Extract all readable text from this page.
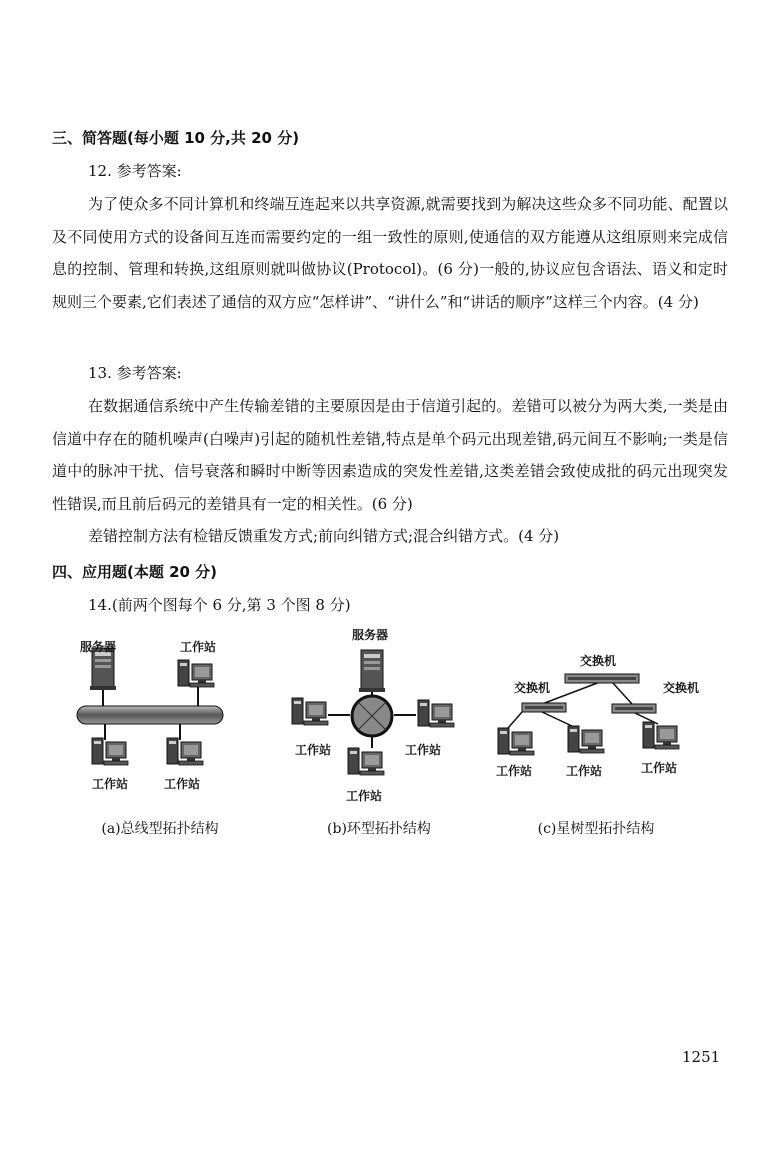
三、简答题(每小题 10 分,共 20 分)
12. 参考答案:
为了使众多不同计算机和终端互连起来以共享资源,就需要找到为解决这些众多不同功能、配置以及不同使用方式的设备间互连而需要约定的一组一致性的原则,使通信的双方能遵从这组原则来完成信息的控制、管理和转换,这组原则就叫做协议(Protocol)。(6 分)一般的,协议应包含语法、语义和定时规则三个要素,它们表述了通信的双方应“怎样讲”、“讲什么”和“讲话的顺序”这样三个内容。(4 分)
13. 参考答案:
在数据通信系统中产生传输差错的主要原因是由于信道引起的。差错可以被分为两大类,一类是由信道中存在的随机噪声(白噪声)引起的随机性差错,特点是单个码元出现差错,码元间互不影响;一类是信道中的脉冲干扰、信号衰落和瞬时中断等因素造成的突发性差错,这类差错会致使成批的码元出现突发性错误,而且前后码元的差错具有一定的相关性。(6 分)
差错控制方法有检错反馈重发方式;前向纠错方式;混合纠错方式。(4 分)
四、应用题(本题 20 分)
14.(前两个图每个 6 分,第 3 个图 8 分)
服务器	工作站
工作站	工作站
服务器
工作站	工作站
工作站
交换机
交换机	交换机
工作站	工作站	工作站
(a)总线型拓扑结构	(b)环型拓扑结构	(c)星树型拓扑结构
1251
